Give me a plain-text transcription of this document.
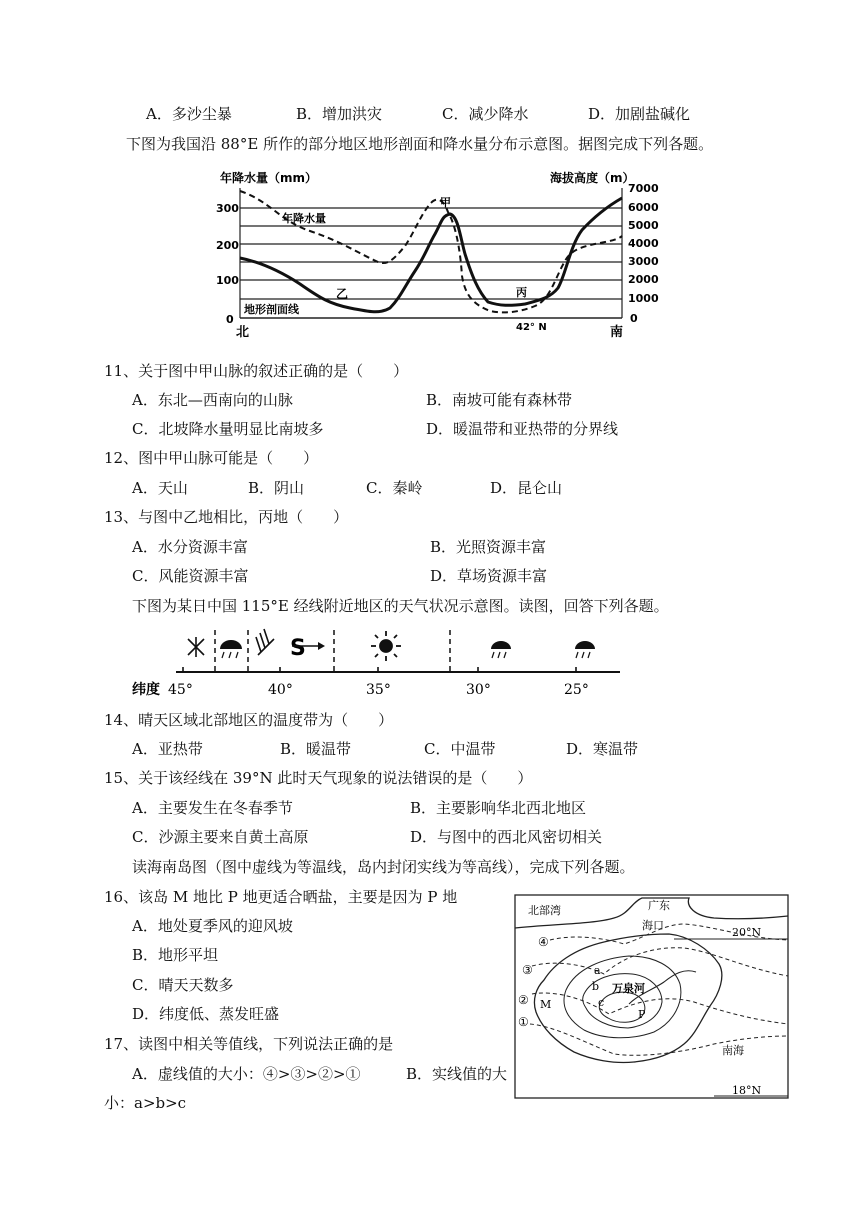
A．多沙尘暴	B．增加洪灾	C．减少降水	D．加剧盐碱化
下图为我国沿 88°E 所作的部分地区地形剖面和降水量分布示意图。据图完成下列各题。
年降水量（mm）	海拔高度（m）
7000
6000
5000
4000
3000
2000
1000
0
300
200
100
0
年降水量
地形剖面线
甲
乙	丙
北	南
42° N
11、关于图中甲山脉的叙述正确的是（　　）
A．东北—西南向的山脉	B．南坡可能有森林带
C．北坡降水量明显比南坡多	D．暖温带和亚热带的分界线
12、图中甲山脉可能是（　　）
A．天山	B．阴山	C．秦岭	D．昆仑山
13、与图中乙地相比，丙地（　　）
A．水分资源丰富	B．光照资源丰富
C．风能资源丰富	D．草场资源丰富
下图为某日中国 115°E 经线附近地区的天气状况示意图。读图，回答下列各题。
S
纬度 45°	40°	35°	30°	25°
14、晴天区域北部地区的温度带为（　　）
A．亚热带	B．暖温带	C．中温带	D．寒温带
15、关于该经线在 39°N 此时天气现象的说法错误的是（　　）
A．主要发生在冬春季节	B．主要影响华北西北地区
C．沙源主要来自黄土高原	D．与图中的西北风密切相关
读海南岛图（图中虚线为等温线，岛内封闭实线为等高线），完成下列各题。
16、该岛 M 地比 P 地更适合晒盐，主要是因为 P 地
A．地处夏季风的迎风坡
B．地形平坦
C．晴天天数多
D．纬度低、蒸发旺盛
17、读图中相关等值线，下列说法正确的是
A．虚线值的大小：④>③>②>①	B．实线值的大
小：a>b>c
北部湾	广东
海口
20°N
18°N
④
③
②
①
M
P
a
b
c
万泉河
南海
